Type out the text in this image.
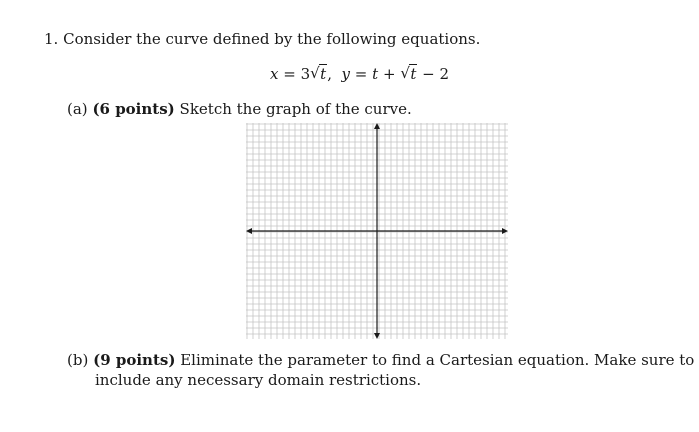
1. Consider the curve defined by the following equations.
x = 3 √ t, y = t + √ t − 2
(a) (6 points) Sketch the graph of the curve.
(b) (9 points) Eliminate the parameter to find a Cartesian equation. Make sure to
include any necessary domain restrictions.
